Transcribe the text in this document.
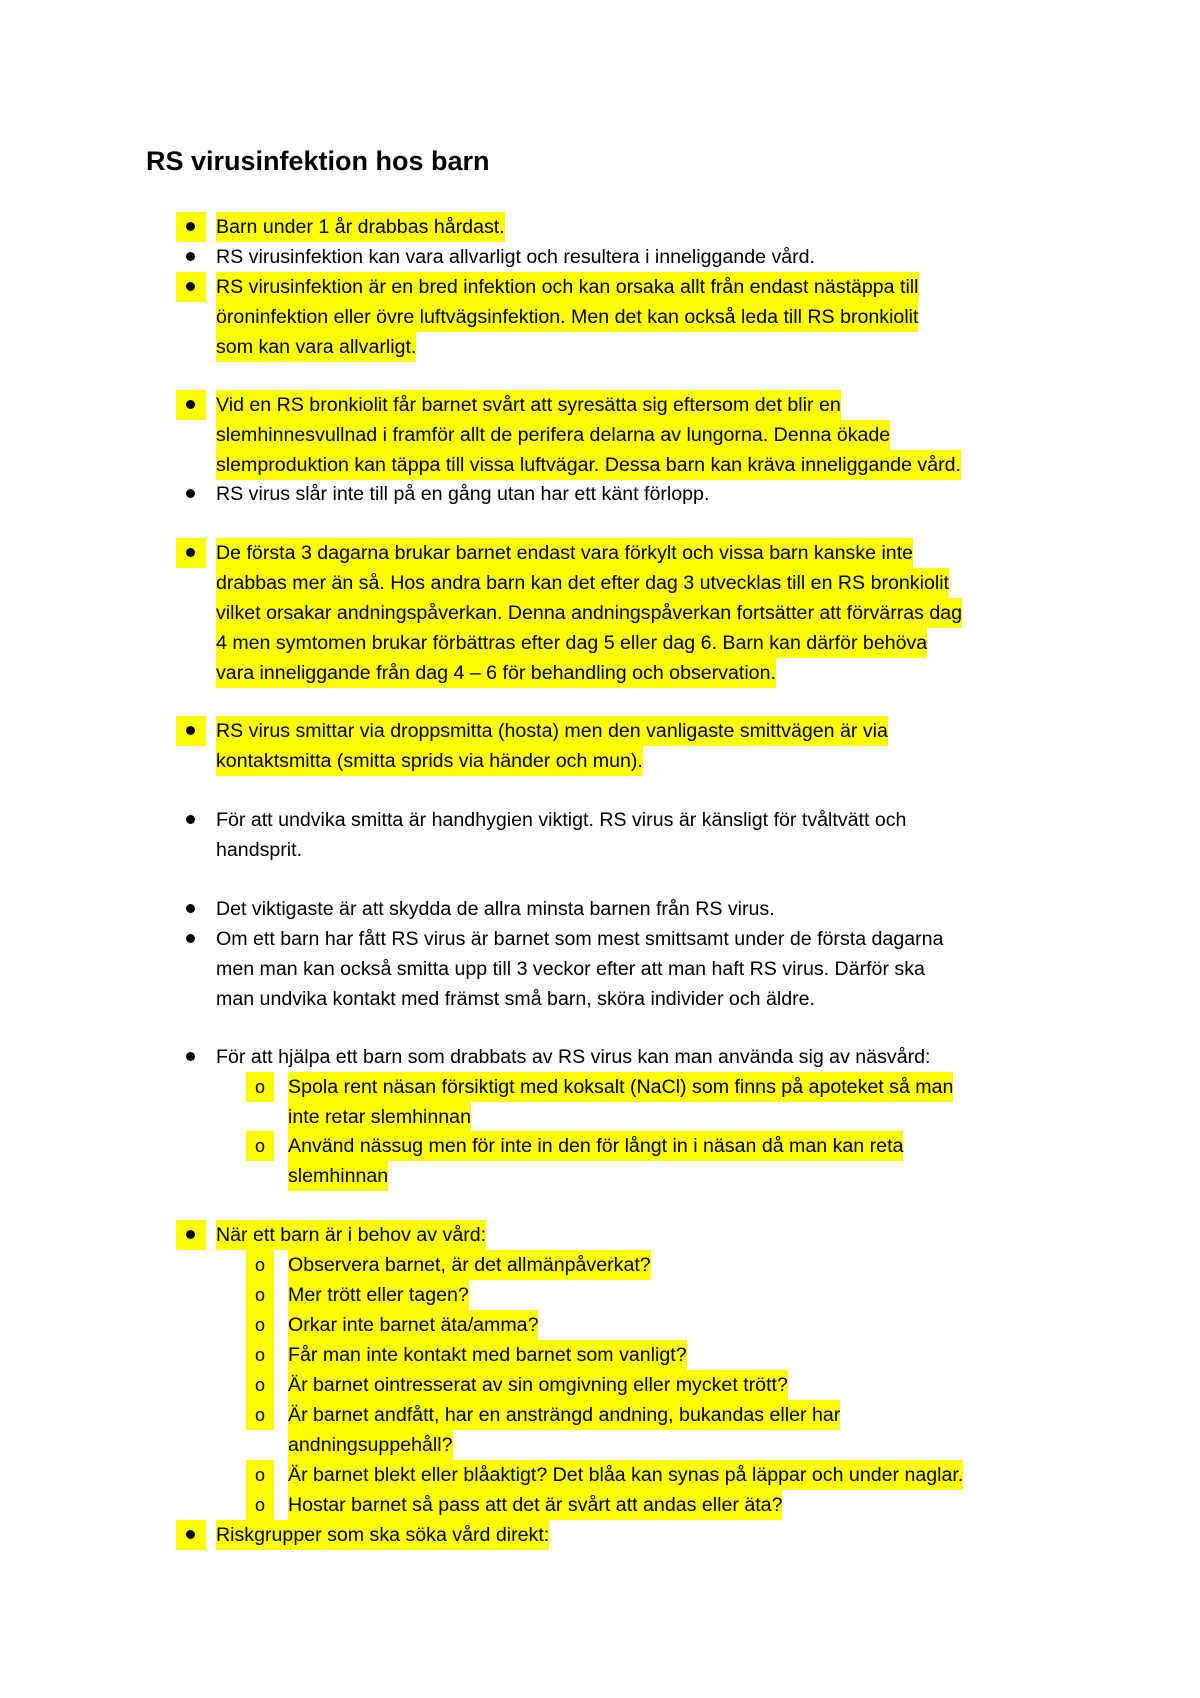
RS virusinfektion hos barn
Barn under 1 år drabbas hårdast.
RS virusinfektion kan vara allvarligt och resultera i inneliggande vård.
RS virusinfektion är en bred infektion och kan orsaka allt från endast nästäppa till
öroninfektion eller övre luftvägsinfektion. Men det kan också leda till RS bronkiolit
som kan vara allvarligt.
Vid en RS bronkiolit får barnet svårt att syresätta sig eftersom det blir en
slemhinnesvullnad i framför allt de perifera delarna av lungorna. Denna ökade
slemproduktion kan täppa till vissa luftvägar. Dessa barn kan kräva inneliggande vård.
RS virus slår inte till på en gång utan har ett känt förlopp.
De första 3 dagarna brukar barnet endast vara förkylt och vissa barn kanske inte
drabbas mer än så. Hos andra barn kan det efter dag 3 utvecklas till en RS bronkiolit
vilket orsakar andningspåverkan. Denna andningspåverkan fortsätter att förvärras dag
4 men symtomen brukar förbättras efter dag 5 eller dag 6. Barn kan därför behöva
vara inneliggande från dag 4 – 6 för behandling och observation.
RS virus smittar via droppsmitta (hosta) men den vanligaste smittvägen är via
kontaktsmitta (smitta sprids via händer och mun).
För att undvika smitta är handhygien viktigt. RS virus är känsligt för tvåltvätt och
handsprit.
Det viktigaste är att skydda de allra minsta barnen från RS virus.
Om ett barn har fått RS virus är barnet som mest smittsamt under de första dagarna
men man kan också smitta upp till 3 veckor efter att man haft RS virus. Därför ska
man undvika kontakt med främst små barn, sköra individer och äldre.
För att hjälpa ett barn som drabbats av RS virus kan man använda sig av näsvård:
o	Spola rent näsan försiktigt med koksalt (NaCl) som finns på apoteket så man
inte retar slemhinnan
o	Använd nässug men för inte in den för långt in i näsan då man kan reta
slemhinnan
När ett barn är i behov av vård:
o	Observera barnet, är det allmänpåverkat?
o	Mer trött eller tagen?
o	Orkar inte barnet äta/amma?
o	Får man inte kontakt med barnet som vanligt?
o	Är barnet ointresserat av sin omgivning eller mycket trött?
o	Är barnet andfått, har en ansträngd andning, bukandas eller har
andningsuppehåll?
o	Är barnet blekt eller blåaktigt? Det blåa kan synas på läppar och under naglar.
o	Hostar barnet så pass att det är svårt att andas eller äta?
Riskgrupper som ska söka vård direkt:
